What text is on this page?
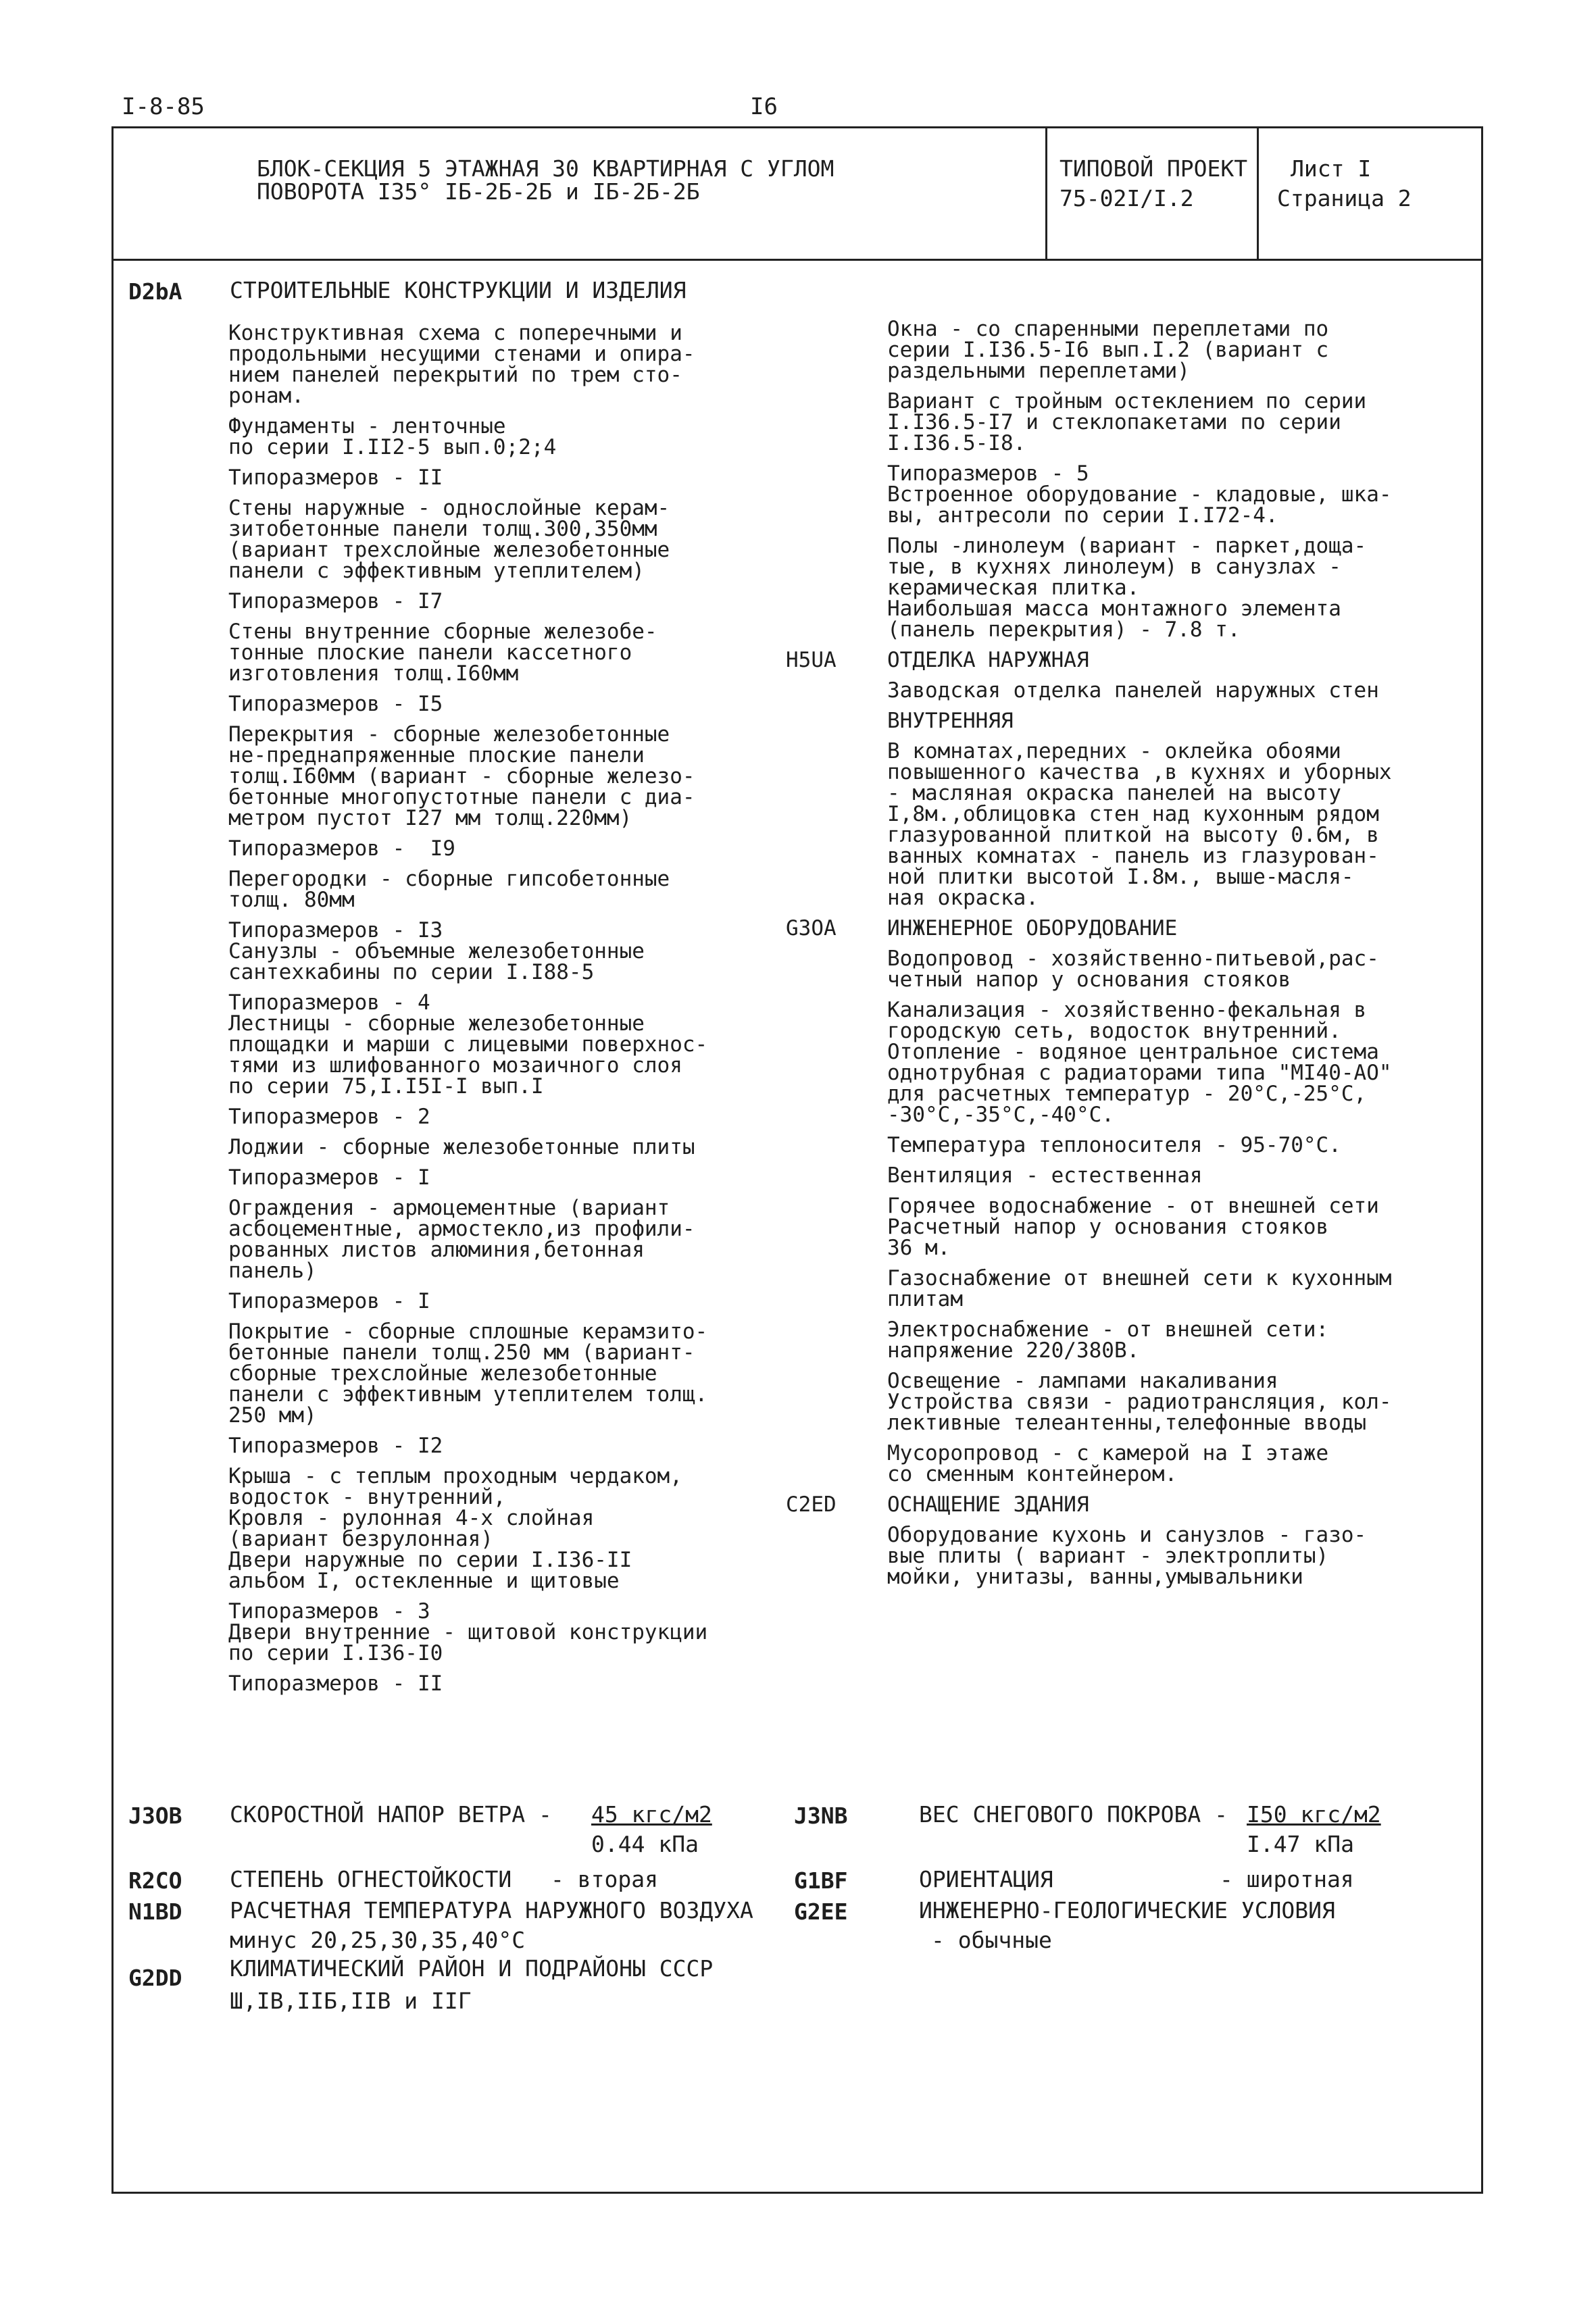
I-8-85	I6
БЛОК-СЕКЦИЯ 5 ЭТАЖНАЯ 30 КВАРТИРНАЯ С УГЛОМ
ПОВОРОТА I35° IБ-2Б-2Б и IБ-2Б-2Б
ТИПОВОЙ ПРОЕКТ
75-02I/I.2
Лист I
Страница 2
D2bA СТРОИТЕЛЬНЫЕ КОНСТРУКЦИИ И ИЗДЕЛИЯ
Конструктивная схема с поперечными и
продольными несущими стенами и опира-
нием панелей перекрытий по трем сто-
ронам.
Фундаменты - ленточные
по серии I.II2-5 вып.0;2;4
Типоразмеров - II
Стены наружные - однослойные керам-
зитобетонные панели толщ.300,350мм
(вариант трехслойные железобетонные
панели с эффективным утеплителем)
Типоразмеров - I7
Стены внутренние сборные железобе-
тонные плоские панели кассетного
изготовления толщ.I60мм
Типоразмеров - I5
Перекрытия - сборные железобетонные
не-преднапряженные плоские панели
толщ.I60мм (вариант - сборные железо-
бетонные многопустотные панели с диа-
метром пустот I27 мм толщ.220мм)
Типоразмеров -  I9
Перегородки - сборные гипсобетонные
толщ. 80мм
Типоразмеров - I3
Санузлы - объемные железобетонные
сантехкабины по серии I.I88-5
Типоразмеров - 4
Лестницы - сборные железобетонные
площадки и марши с лицевыми поверхнос-
тями из шлифованного мозаичного слоя
по серии 75,I.I5I-I вып.I
Типоразмеров - 2
Лоджии - сборные железобетонные плиты
Типоразмеров - I
Ограждения - армоцементные (вариант
асбоцементные, армостекло,из профили-
рованных листов алюминия,бетонная
панель)
Типоразмеров - I
Покрытие - сборные сплошные керамзито-
бетонные панели толщ.250 мм (вариант-
сборные трехслойные железобетонные
панели с эффективным утеплителем толщ.
250 мм)
Типоразмеров - I2
Крыша - с теплым проходным чердаком,
водосток - внутренний,
Кровля - рулонная 4-х слойная
(вариант безрулонная)
Двери наружные по серии I.I36-II
альбом I, остекленные и щитовые
Типоразмеров - 3
Двери внутренние - щитовой конструкции
по серии I.I36-I0
Типоразмеров - II
Окна - со спаренными переплетами по
серии I.I36.5-I6 вып.I.2 (вариант с
раздельными переплетами)
Вариант с тройным остеклением по серии
I.I36.5-I7 и стеклопакетами по серии
I.I36.5-I8.
Типоразмеров - 5
Встроенное оборудование - кладовые, шка-
вы, антресоли по серии I.I72-4.
Полы -линолеум (вариант - паркет,доща-
тые, в кухнях линолеум) в санузлах -
керамическая плитка.
Наибольшая масса монтажного элемента
(панель перекрытия) - 7.8 т.
H5UA ОТДЕЛКА НАРУЖНАЯ
Заводская отделка панелей наружных стен
ВНУТРЕННЯЯ
В комнатах,передних - оклейка обоями
повышенного качества ,в кухнях и уборных
- масляная окраска панелей на высоту
I,8м.,облицовка стен над кухонным рядом
глазурованной плиткой на высоту 0.6м, в
ванных комнатах - панель из глазурован-
ной плитки высотой I.8м., выше-масля-
ная окраска.
G3OA ИНЖЕНЕРНОЕ ОБОРУДОВАНИЕ
Водопровод - хозяйственно-питьевой,рас-
четный напор у основания стояков
Канализация - хозяйственно-фекальная в
городскую сеть, водосток внутренний.
Отопление - водяное центральное система
однотрубная с радиаторами типа "МI40-АО"
для расчетных температур - 20°С,-25°С,
-30°С,-35°С,-40°С.
Температура теплоносителя - 95-70°С.
Вентиляция - естественная
Горячее водоснабжение - от внешней сети
Расчетный напор у основания стояков
36 м.
Газоснабжение от внешней сети к кухонным
плитам
Электроснабжение - от внешней сети:
напряжение 220/380В.
Освещение - лампами накаливания
Устройства связи - радиотрансляция, кол-
лективные телеантенны,телефонные вводы
Мусоропровод - с камерой на I этаже
со сменным контейнером.
C2ED ОСНАЩЕНИЕ ЗДАНИЯ
Оборудование кухонь и санузлов - газо-
вые плиты ( вариант - электроплиты)
мойки, унитазы, ванны,умывальники
J3OB СКОРОСТНОЙ НАПОР ВЕТРА - 45 кгс/м2
0.44 кПа
J3NB	ВЕС СНЕГОВОГО ПОКРОВА - I50 кгс/м2
I.47 кПа
R2CO СТЕПЕНЬ ОГНЕСТОЙКОСТИ - вторая	G1BF	ОРИЕНТАЦИЯ	- широтная
N1BD РАСЧЕТНАЯ ТЕМПЕРАТУРА НАРУЖНОГО ВОЗДУХА
минус 20,25,30,35,40°С
G2EE	ИНЖЕНЕРНО-ГЕОЛОГИЧЕСКИЕ УСЛОВИЯ
- обычные
G2DD КЛИМАТИЧЕСКИЙ РАЙОН И ПОДРАЙОНЫ СССР
Ш,IВ,IIБ,IIВ и IIГ
